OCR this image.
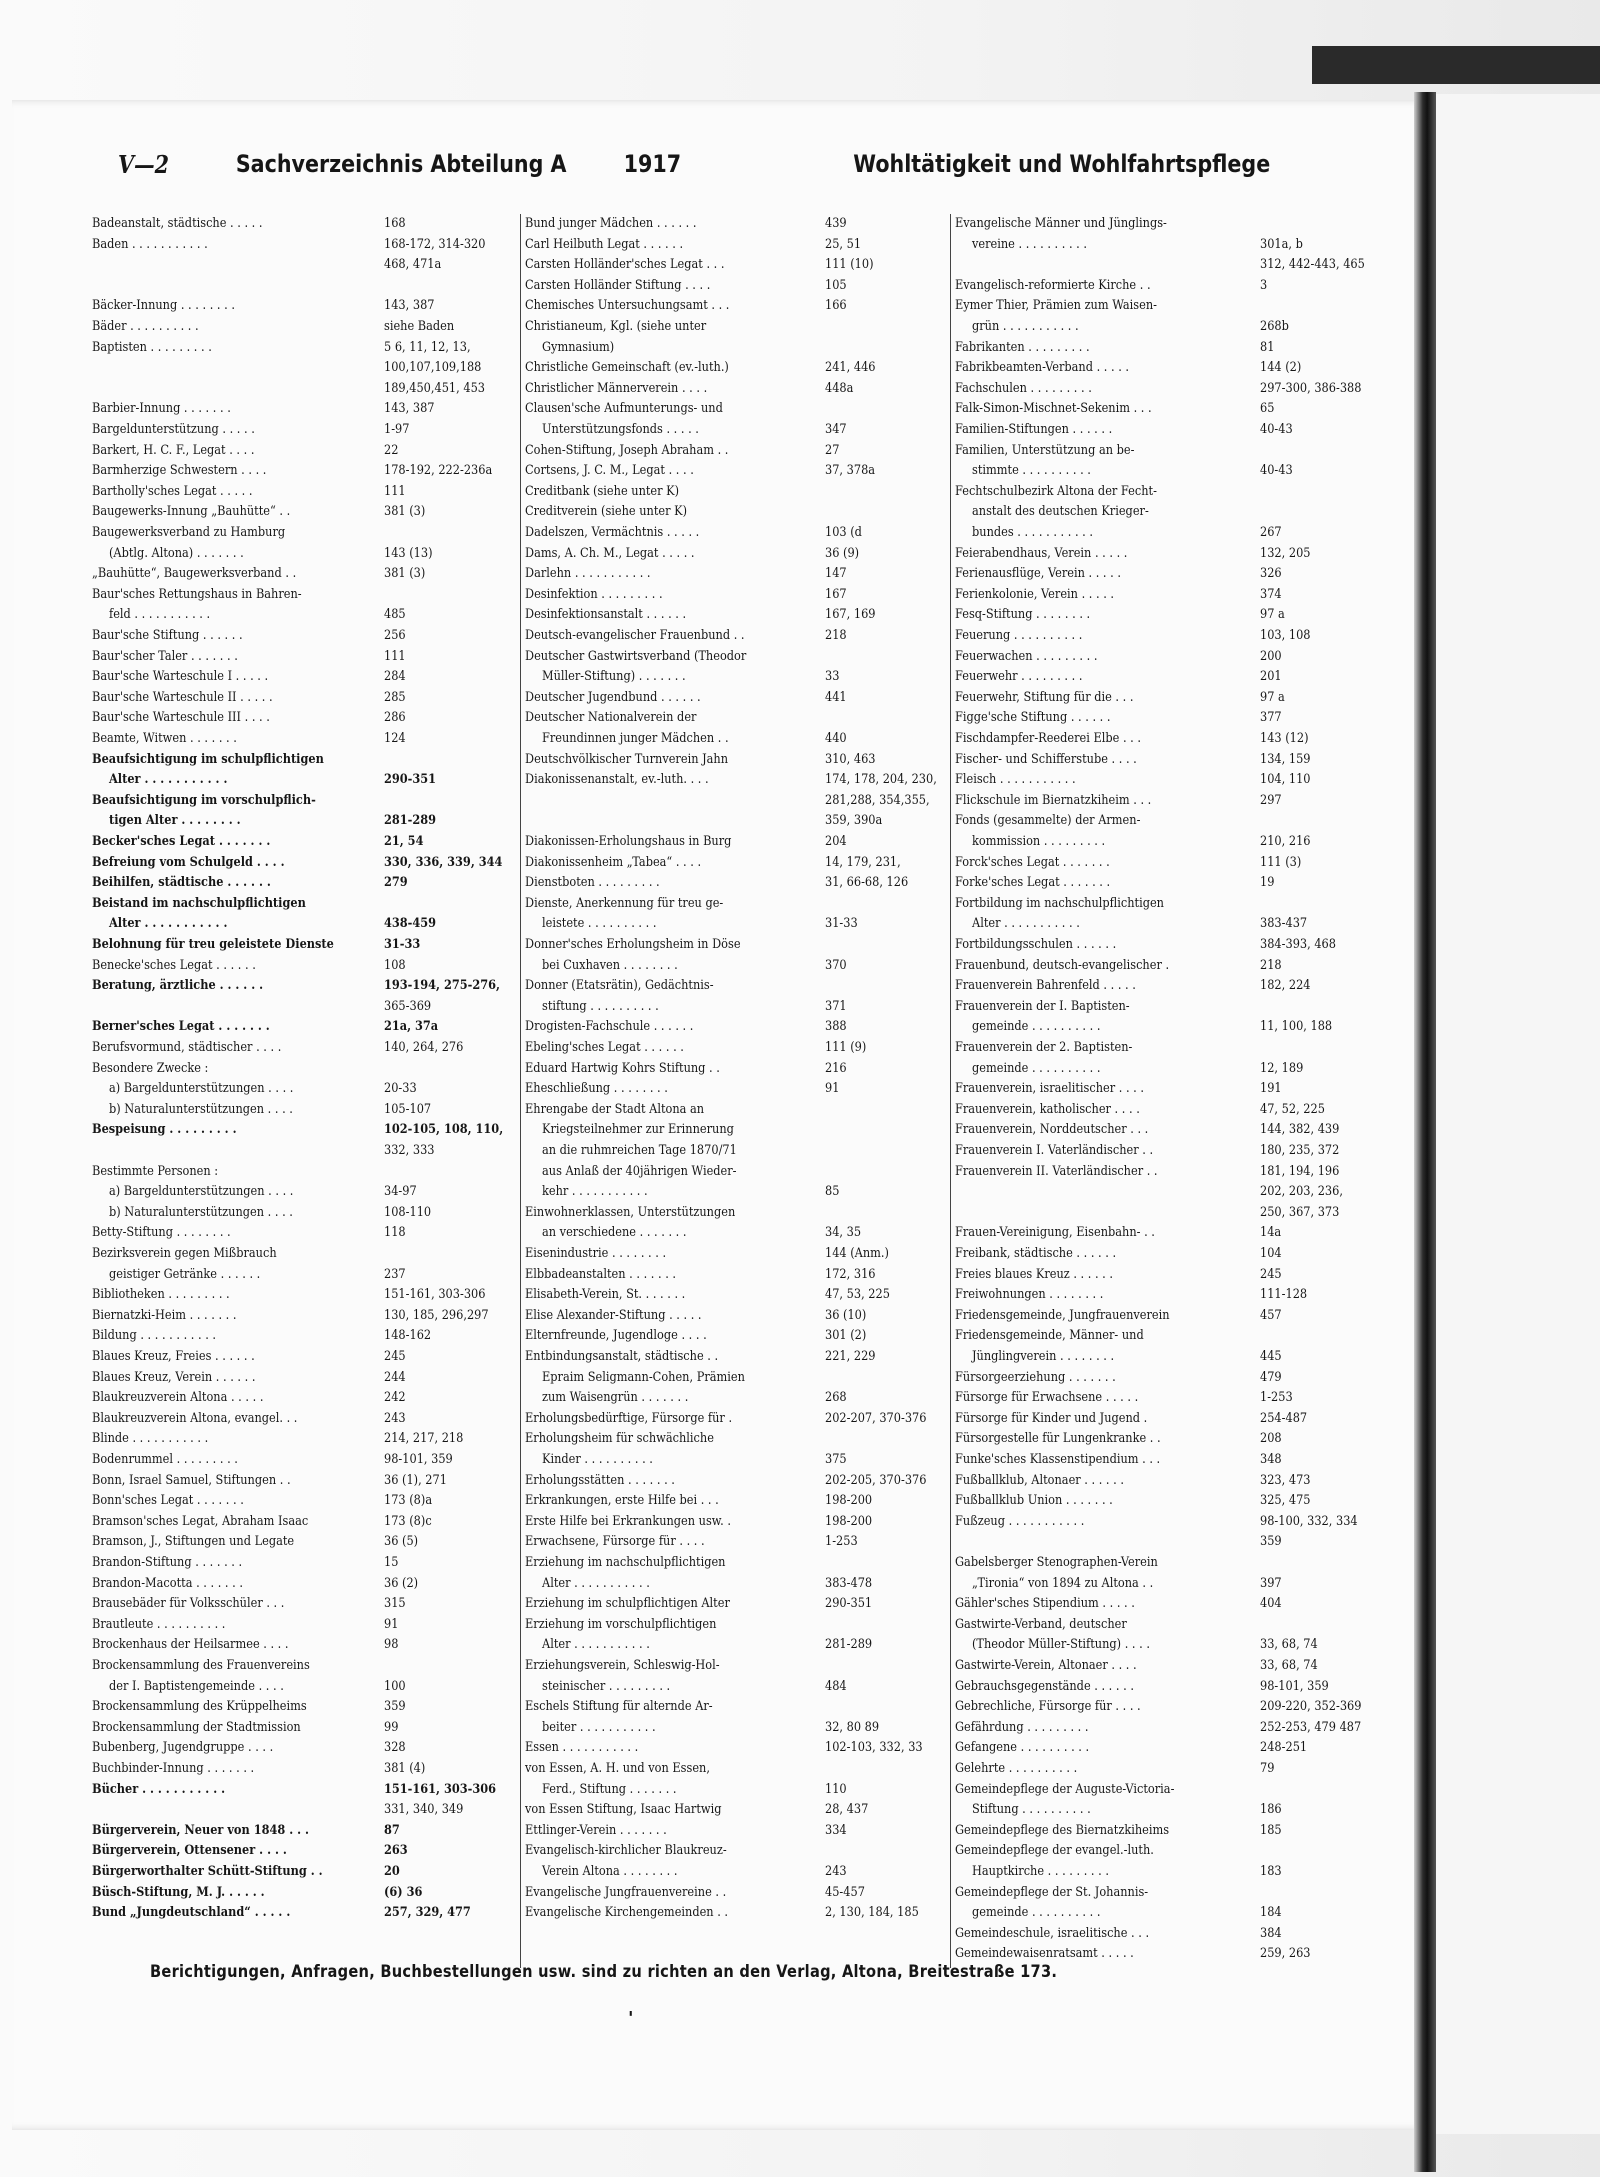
V—2	Sachverzeichnis Abteilung A 1917	Wohltätigkeit und Wohlfahrtspflege
Badeanstalt, städtische . . . . .	168
Baden . . . . . . . . . . .	168-172, 314-320
468, 471a
Bäcker-Innung . . . . . . . .	143, 387
Bäder . . . . . . . . . .	siehe Baden
Baptisten . . . . . . . . .	5 6, 11, 12, 13,
100,107,109,188
189,450,451, 453
Barbier-Innung . . . . . . .	143, 387
Bargeldunterstützung . . . . .	1-97
Barkert, H. C. F., Legat . . . .	22
Barmherzige Schwestern . . . .	178-192, 222-236a
Bartholly'sches Legat . . . . .	111
Baugewerks-Innung „Bauhütte“ . .	381 (3)
Baugewerksverband zu Hamburg
(Abtlg. Altona) . . . . . . .	143 (13)
„Bauhütte“, Baugewerksverband . .	381 (3)
Baur'sches Rettungshaus in Bahren-
feld . . . . . . . . . . .	485
Baur'sche Stiftung . . . . . .	256
Baur'scher Taler . . . . . . .	111
Baur'sche Warteschule I . . . . .	284
Baur'sche Warteschule II . . . . .	285
Baur'sche Warteschule III . . . .	286
Beamte, Witwen . . . . . . .	124
Beaufsichtigung im schulpflichtigen
Alter . . . . . . . . . . .	290-351
Beaufsichtigung im vorschulpflich-
tigen Alter . . . . . . . .	281-289
Becker'sches Legat . . . . . . .	21, 54
Befreiung vom Schulgeld . . . .	330, 336, 339, 344
Beihilfen, städtische . . . . . .	279
Beistand im nachschulpflichtigen
Alter . . . . . . . . . . .	438-459
Belohnung für treu geleistete Dienste	31-33
Benecke'sches Legat . . . . . .	108
Beratung, ärztliche . . . . . .	193-194, 275-276,
365-369
Berner'sches Legat . . . . . . .	21a, 37a
Berufsvormund, städtischer . . . .	140, 264, 276
Besondere Zwecke :
a) Bargeldunterstützungen . . . .	20-33
b) Naturalunterstützungen . . . .	105-107
Bespeisung . . . . . . . . .	102-105, 108, 110,
332, 333
Bestimmte Personen :
a) Bargeldunterstützungen . . . .	34-97
b) Naturalunterstützungen . . . .	108-110
Betty-Stiftung . . . . . . . .	118
Bezirksverein gegen Mißbrauch
geistiger Getränke . . . . . .	237
Bibliotheken . . . . . . . . .	151-161, 303-306
Biernatzki-Heim . . . . . . .	130, 185, 296,297
Bildung . . . . . . . . . . .	148-162
Blaues Kreuz, Freies . . . . . .	245
Blaues Kreuz, Verein . . . . . .	244
Blaukreuzverein Altona . . . . .	242
Blaukreuzverein Altona, evangel. . .	243
Blinde . . . . . . . . . . .	214, 217, 218
Bodenrummel . . . . . . . . .	98-101, 359
Bonn, Israel Samuel, Stiftungen . .	36 (1), 271
Bonn'sches Legat . . . . . . .	173 (8)a
Bramson'sches Legat, Abraham Isaac	173 (8)c
Bramson, J., Stiftungen und Legate	36 (5)
Brandon-Stiftung . . . . . . .	15
Brandon-Macotta . . . . . . .	36 (2)
Brausebäder für Volksschüler . . .	315
Brautleute . . . . . . . . . .	91
Brockenhaus der Heilsarmee . . . .	98
Brockensammlung des Frauenvereins
der I. Baptistengemeinde . . . .	100
Brockensammlung des Krüppelheims	359
Brockensammlung der Stadtmission	99
Bubenberg, Jugendgruppe . . . .	328
Buchbinder-Innung . . . . . . .	381 (4)
Bücher . . . . . . . . . . .	151-161, 303-306
331, 340, 349
Bürgerverein, Neuer von 1848 . . .	87
Bürgerverein, Ottensener . . . .	263
Bürgerworthalter Schütt-Stiftung . .	20
Büsch-Stiftung, M. J. . . . . .	(6) 36
Bund „Jungdeutschland“ . . . . .	257, 329, 477
Bund junger Mädchen . . . . . .	439
Carl Heilbuth Legat . . . . . .	25, 51
Carsten Holländer'sches Legat . . .	111 (10)
Carsten Holländer Stiftung . . . .	105
Chemisches Untersuchungsamt . . .	166
Christianeum, Kgl. (siehe unter
Gymnasium)
Christliche Gemeinschaft (ev.-luth.)	241, 446
Christlicher Männerverein . . . .	448a
Clausen'sche Aufmunterungs- und
Unterstützungsfonds . . . . .	347
Cohen-Stiftung, Joseph Abraham . .	27
Cortsens, J. C. M., Legat . . . .	37, 378a
Creditbank (siehe unter K)
Creditverein (siehe unter K)
Dadelszen, Vermächtnis . . . . .	103 (d
Dams, A. Ch. M., Legat . . . . .	36 (9)
Darlehn . . . . . . . . . . .	147
Desinfektion . . . . . . . . .	167
Desinfektionsanstalt . . . . . .	167, 169
Deutsch-evangelischer Frauenbund . .	218
Deutscher Gastwirtsverband (Theodor
Müller-Stiftung) . . . . . . .	33
Deutscher Jugendbund . . . . . .	441
Deutscher Nationalverein der
Freundinnen junger Mädchen . .	440
Deutschvölkischer Turnverein Jahn	310, 463
Diakonissenanstalt, ev.-luth. . . .	174, 178, 204, 230,
281,288, 354,355,
359, 390a
Diakonissen-Erholungshaus in Burg	204
Diakonissenheim „Tabea“ . . . .	14, 179, 231,
Dienstboten . . . . . . . . .	31, 66-68, 126
Dienste, Anerkennung für treu ge-
leistete . . . . . . . . . .	31-33
Donner'sches Erholungsheim in Döse
bei Cuxhaven . . . . . . . .	370
Donner (Etatsrätin), Gedächtnis-
stiftung . . . . . . . . . .	371
Drogisten-Fachschule . . . . . .	388
Ebeling'sches Legat . . . . . .	111 (9)
Eduard Hartwig Kohrs Stiftung . .	216
Eheschließung . . . . . . . .	91
Ehrengabe der Stadt Altona an
Kriegsteilnehmer zur Erinnerung
an die ruhmreichen Tage 1870/71
aus Anlaß der 40jährigen Wieder-
kehr . . . . . . . . . . .	85
Einwohnerklassen, Unterstützungen
an verschiedene . . . . . . .	34, 35
Eisenindustrie . . . . . . . .	144 (Anm.)
Elbbadeanstalten . . . . . . .	172, 316
Elisabeth-Verein, St. . . . . . .	47, 53, 225
Elise Alexander-Stiftung . . . . .	36 (10)
Elternfreunde, Jugendloge . . . .	301 (2)
Entbindungsanstalt, städtische . .	221, 229
Epraim Seligmann-Cohen, Prämien
zum Waisengrün . . . . . . .	268
Erholungsbedürftige, Fürsorge für .	202-207, 370-376
Erholungsheim für schwächliche
Kinder . . . . . . . . . .	375
Erholungsstätten . . . . . . .	202-205, 370-376
Erkrankungen, erste Hilfe bei . . .	198-200
Erste Hilfe bei Erkrankungen usw. .	198-200
Erwachsene, Fürsorge für . . . .	1-253
Erziehung im nachschulpflichtigen
Alter . . . . . . . . . . .	383-478
Erziehung im schulpflichtigen Alter	290-351
Erziehung im vorschulpflichtigen
Alter . . . . . . . . . . .	281-289
Erziehungsverein, Schleswig-Hol-
steinischer . . . . . . . . .	484
Eschels Stiftung für alternde Ar-
beiter . . . . . . . . . . .	32, 80 89
Essen . . . . . . . . . . .	102-103, 332, 33
von Essen, A. H. und von Essen,
Ferd., Stiftung . . . . . . .	110
von Essen Stiftung, Isaac Hartwig	28, 437
Ettlinger-Verein . . . . . . .	334
Evangelisch-kirchlicher Blaukreuz-
Verein Altona . . . . . . . .	243
Evangelische Jungfrauenvereine . .	45-457
Evangelische Kirchengemeinden . .	2, 130, 184, 185
Evangelische Männer und Jünglings-
vereine . . . . . . . . . .	301a, b
312, 442-443, 465
Evangelisch-reformierte Kirche . .	3
Eymer Thier, Prämien zum Waisen-
grün . . . . . . . . . . .	268b
Fabrikanten . . . . . . . . .	81
Fabrikbeamten-Verband . . . . .	144 (2)
Fachschulen . . . . . . . . .	297-300, 386-388
Falk-Simon-Mischnet-Sekenim . . .	65
Familien-Stiftungen . . . . . .	40-43
Familien, Unterstützung an be-
stimmte . . . . . . . . . .	40-43
Fechtschulbezirk Altona der Fecht-
anstalt des deutschen Krieger-
bundes . . . . . . . . . . .	267
Feierabendhaus, Verein . . . . .	132, 205
Ferienausflüge, Verein . . . . .	326
Ferienkolonie, Verein . . . . .	374
Fesq-Stiftung . . . . . . . .	97 a
Feuerung . . . . . . . . . .	103, 108
Feuerwachen . . . . . . . . .	200
Feuerwehr . . . . . . . . .	201
Feuerwehr, Stiftung für die . . .	97 a
Figge'sche Stiftung . . . . . .	377
Fischdampfer-Reederei Elbe . . .	143 (12)
Fischer- und Schifferstube . . . .	134, 159
Fleisch . . . . . . . . . . .	104, 110
Flickschule im Biernatzkiheim . . .	297
Fonds (gesammelte) der Armen-
kommission . . . . . . . . .	210, 216
Forck'sches Legat . . . . . . .	111 (3)
Forke'sches Legat . . . . . . .	19
Fortbildung im nachschulpflichtigen
Alter . . . . . . . . . . .	383-437
Fortbildungsschulen . . . . . .	384-393, 468
Frauenbund, deutsch-evangelischer .	218
Frauenverein Bahrenfeld . . . . .	182, 224
Frauenverein der I. Baptisten-
gemeinde . . . . . . . . . .	11, 100, 188
Frauenverein der 2. Baptisten-
gemeinde . . . . . . . . . .	12, 189
Frauenverein, israelitischer . . . .	191
Frauenverein, katholischer . . . .	47, 52, 225
Frauenverein, Norddeutscher . . .	144, 382, 439
Frauenverein I. Vaterländischer . .	180, 235, 372
Frauenverein II. Vaterländischer . .	181, 194, 196
202, 203, 236,
250, 367, 373
Frauen-Vereinigung, Eisenbahn- . .	14a
Freibank, städtische . . . . . .	104
Freies blaues Kreuz . . . . . .	245
Freiwohnungen . . . . . . . .	111-128
Friedensgemeinde, Jungfrauenverein	457
Friedensgemeinde, Männer- und
Jünglingverein . . . . . . . .	445
Fürsorgeerziehung . . . . . . .	479
Fürsorge für Erwachsene . . . . .	1-253
Fürsorge für Kinder und Jugend .	254-487
Fürsorgestelle für Lungenkranke . .	208
Funke'sches Klassenstipendium . . .	348
Fußballklub, Altonaer . . . . . .	323, 473
Fußballklub Union . . . . . . .	325, 475
Fußzeug . . . . . . . . . . .	98-100, 332, 334
359
Gabelsberger Stenographen-Verein
„Tironia“ von 1894 zu Altona . .	397
Gähler'sches Stipendium . . . . .	404
Gastwirte-Verband, deutscher
(Theodor Müller-Stiftung) . . . .	33, 68, 74
Gastwirte-Verein, Altonaer . . . .	33, 68, 74
Gebrauchsgegenstände . . . . . .	98-101, 359
Gebrechliche, Fürsorge für . . . .	209-220, 352-369
Gefährdung . . . . . . . . .	252-253, 479 487
Gefangene . . . . . . . . . .	248-251
Gelehrte . . . . . . . . . .	79
Gemeindepflege der Auguste-Victoria-
Stiftung . . . . . . . . . .	186
Gemeindepflege des Biernatzkiheims	185
Gemeindepflege der evangel.-luth.
Hauptkirche . . . . . . . . .	183
Gemeindepflege der St. Johannis-
gemeinde . . . . . . . . . .	184
Gemeindeschule, israelitische . . .	384
Gemeindewaisenratsamt . . . . .	259, 263
Berichtigungen, Anfragen, Buchbestellungen usw. sind zu richten an den Verlag, Altona, Breitestraße 173.
'
